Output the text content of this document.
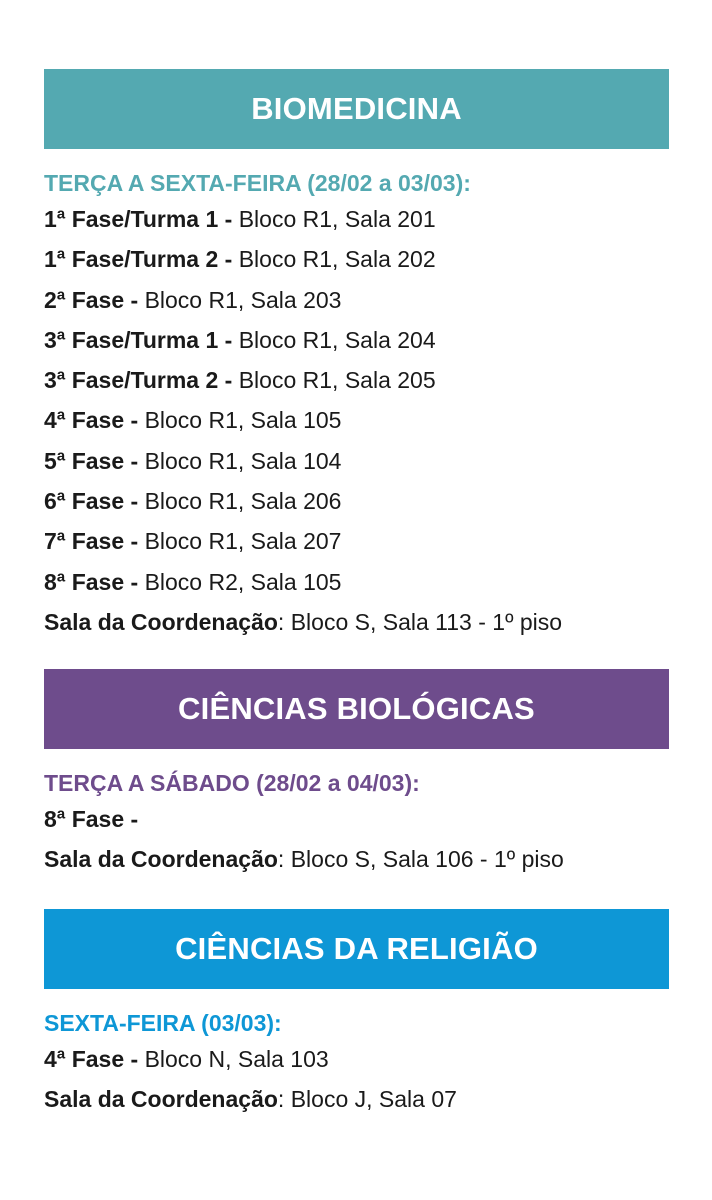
BIOMEDICINA
TERÇA A SEXTA-FEIRA (28/02 a 03/03):
1ª Fase/Turma 1 - Bloco R1, Sala 201
1ª Fase/Turma 2 - Bloco R1, Sala 202
2ª Fase - Bloco R1, Sala 203
3ª Fase/Turma 1 - Bloco R1, Sala 204
3ª Fase/Turma 2 - Bloco R1, Sala 205
4ª Fase - Bloco R1, Sala 105
5ª Fase - Bloco R1, Sala 104
6ª Fase - Bloco R1, Sala 206
7ª Fase - Bloco R1, Sala 207
8ª Fase - Bloco R2, Sala 105
Sala da Coordenação: Bloco S, Sala 113 - 1º piso
CIÊNCIAS BIOLÓGICAS
TERÇA A SÁBADO (28/02 a 04/03):
8ª Fase -
Sala da Coordenação: Bloco S, Sala 106 - 1º piso
CIÊNCIAS DA RELIGIÃO
SEXTA-FEIRA (03/03):
4ª Fase - Bloco N, Sala 103
Sala da Coordenação: Bloco J, Sala 07
